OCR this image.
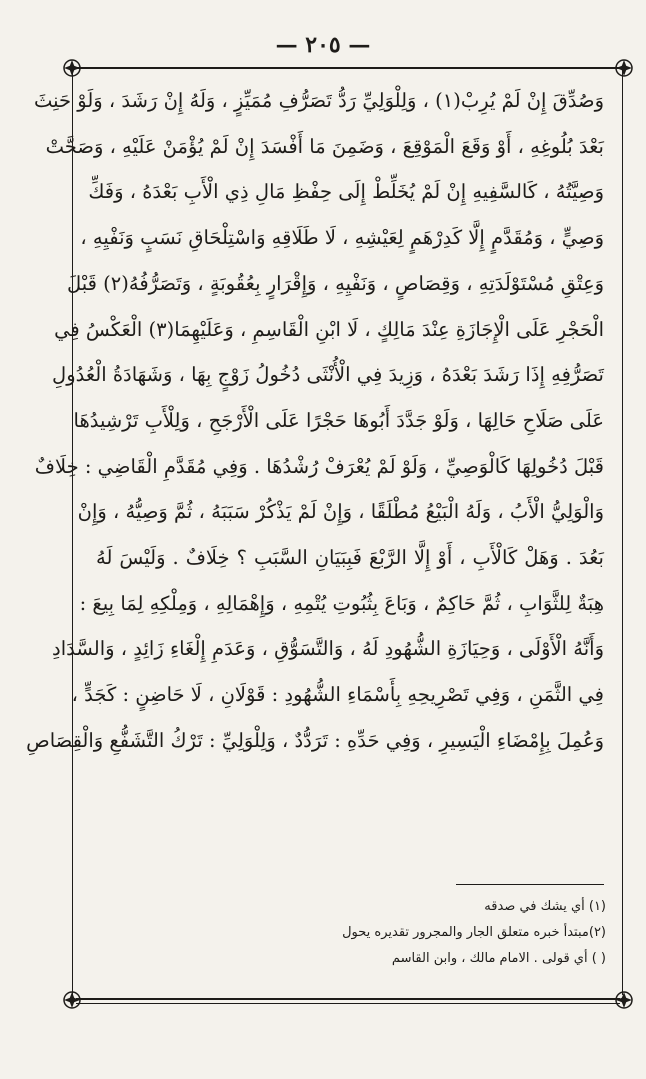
— ٢٠٥ —
وَصُدِّقَ إِنْ لَمْ يُرِبْ(١) ، وَلِلْوَلِيِّ رَدُّ تَصَرُّفِ مُمَيِّزٍ ، وَلَهُ إِنْ رَشَدَ ، وَلَوْ حَنِثَ
بَعْدَ بُلُوغِهِ ، أَوْ وَقَعَ الْمَوْقِعَ ، وَضَمِنَ مَا أَفْسَدَ إِنْ لَمْ يُؤْمَنْ عَلَيْهِ ، وَصَحَّتْ
وَصِيَّتُهُ ، كَالسَّفِيهِ إِنْ لَمْ يُخَلِّطْ إِلَى حِفْظِ مَالِ ذِي الْأَبِ بَعْدَهُ ، وَفَكِّ
وَصِيٍّ ، وَمُقَدَّمٍ إِلَّا كَدِرْهَمٍ لِعَيْشِهِ ، لَا طَلَاقِهِ وَاسْتِلْحَاقِ نَسَبٍ وَنَفْيِهِ ،
وَعِتْقِ مُسْتَوْلَدَتِهِ ، وَقِصَاصٍ ، وَنَفْيِهِ ، وَإِقْرَارٍ بِعُقُوبَةٍ ، وَتَصَرُّفُهُ(٢) قَبْلَ
الْحَجْرِ عَلَى الْإِجَازَةِ عِنْدَ مَالِكٍ ، لَا ابْنِ الْقَاسِمِ ، وَعَلَيْهِمَا(٣) الْعَكْسُ فِي
تَصَرُّفِهِ إِذَا رَشَدَ بَعْدَهُ ، وَزِيدَ فِي الْأُنْثَى دُخُولُ زَوْجٍ بِهَا ، وَشَهَادَةُ الْعُدُولِ
عَلَى صَلَاحِ حَالِهَا ، وَلَوْ جَدَّدَ أَبُوهَا حَجْرًا عَلَى الْأَرْجَحِ ، وَلِلْأَبِ تَرْشِيدُهَا
قَبْلَ دُخُولِهَا كَالْوَصِيِّ ، وَلَوْ لَمْ يُعْرَفْ رُشْدُهَا . وَفِي مُقَدَّمِ الْقَاضِي : خِلَافٌ
وَالْوَلِيُّ الْأَبُ ، وَلَهُ الْبَيْعُ مُطْلَقًا ، وَإِنْ لَمْ يَذْكُرْ سَبَبَهُ ، ثُمَّ وَصِيُّهُ ، وَإِنْ
بَعُدَ . وَهَلْ كَالْأَبِ ، أَوْ إِلَّا الرَّبْعَ فَبِبَيَانِ السَّبَبِ ؟ خِلَافٌ . وَلَيْسَ لَهُ
هِبَةٌ لِلثَّوَابِ ، ثُمَّ حَاكِمٌ ، وَبَاعَ بِثُبُوتِ يُتْمِهِ ، وَإِهْمَالِهِ ، وَمِلْكِهِ لِمَا بِيعَ :
وَأَنَّهُ الْأَوْلَى ، وَحِيَازَةِ الشُّهُودِ لَهُ ، وَالتَّسَوُّقِ ، وَعَدَمِ إِلْغَاءِ زَائِدٍ ، وَالسَّدَادِ
فِي الثَّمَنِ ، وَفِي تَصْرِيحِهِ بِأَسْمَاءِ الشُّهُودِ : قَوْلَانِ ، لَا حَاضِنٍ : كَجَدٍّ ،
وَعُمِلَ بِإِمْضَاءِ الْيَسِيرِ ، وَفِي حَدِّهِ : تَرَدُّدٌ ، وَلِلْوَلِيِّ : تَرْكُ التَّشَفُّعِ وَالْقِصَاصِ
(١) أي يشك في صدقه
(٢)مبتدأ خبره متعلق الجار والمجرور تقديره يحول
( ) أي قولى . الامام مالك ، وابن القاسم
